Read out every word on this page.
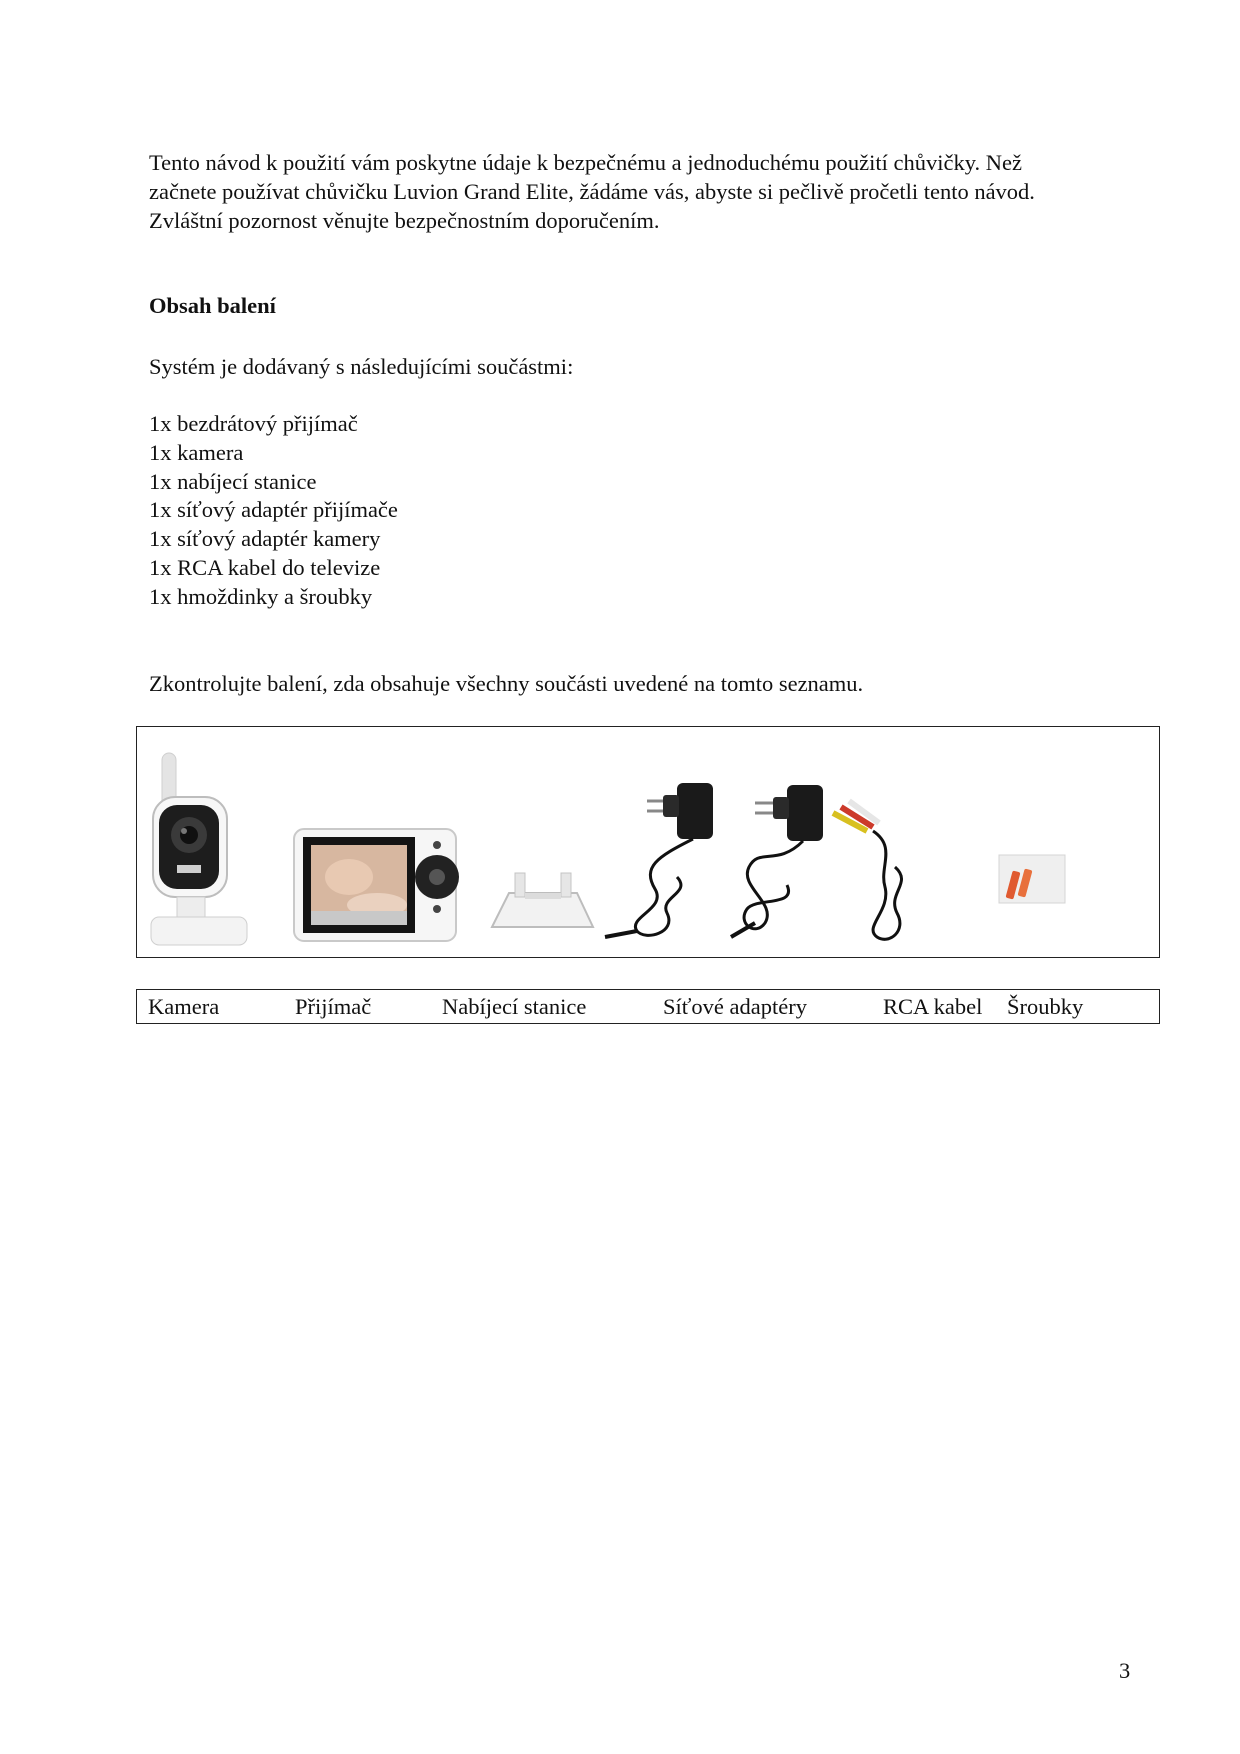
Tento návod k použití vám poskytne údaje k bezpečnému a jednoduchému použití chůvičky. Než
začnete používat chůvičku Luvion Grand Elite, žádáme vás, abyste si pečlivě pročetli tento návod.
Zvláštní pozornost věnujte bezpečnostním doporučením.
Obsah balení
Systém je dodávaný s následujícími součástmi:
1x bezdrátový přijímač
1x kamera
1x nabíjecí stanice
1x síťový adaptér přijímače
1x síťový adaptér kamery
1x RCA kabel do televize
1x hmoždinky a šroubky
Zkontrolujte balení, zda obsahuje všechny součásti uvedené na tomto seznamu.
Kamera	Přijímač	Nabíjecí stanice	Síťové adaptéry	RCA kabel Šroubky
3
